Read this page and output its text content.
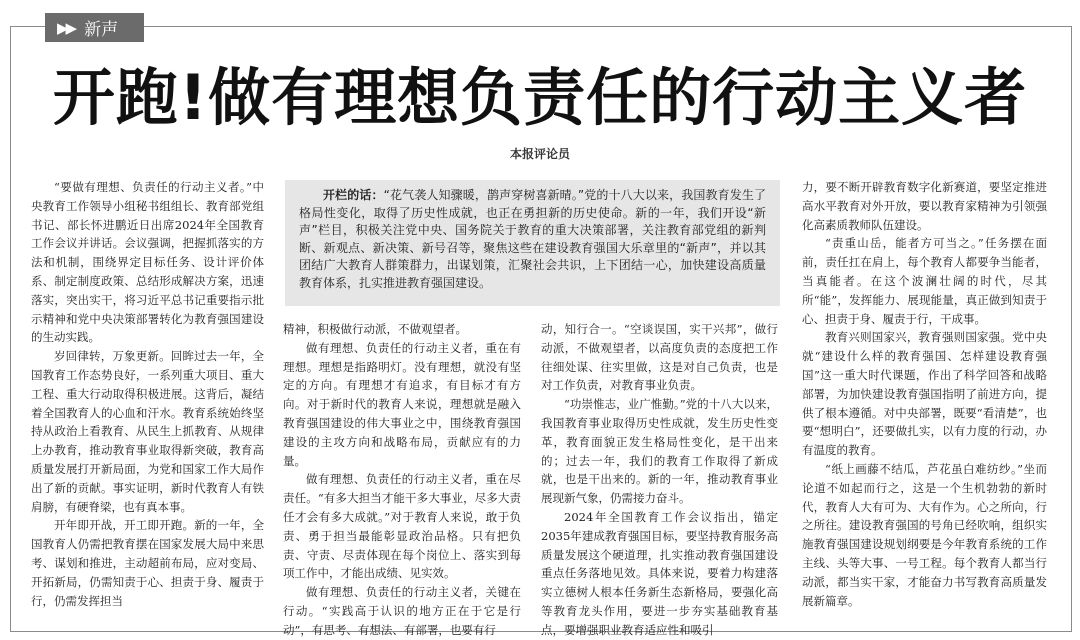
▶▶ 新声
开跑!做有理想负责任的行动主义者
本报评论员

开栏的话：“花气袭人知骤暖，鹊声穿树喜新晴。”党的十八大以来，我国教育发生了格局性变化，取得了历史性成就，也正在勇担新的历史使命。新的一年，我们开设“新声”栏目，积极关注党中央、国务院关于教育的重大决策部署，关注教育部党组的新判断、新观点、新决策、新号召等，聚焦这些在建设教育强国大乐章里的“新声”，并以其团结广大教育人群策群力，出谋划策，汇聚社会共识，上下团结一心，加快建设高质量教育体系，扎实推进教育强国建设。

“要做有理想、负责任的行动主义者。”中央教育工作领导小组秘书组组长、教育部党组书记、部长怀进鹏近日出席2024年全国教育工作会议并讲话。会议强调，把握抓落实的方法和机制，围绕界定目标任务、设计评价体系、制定制度政策、总结形成解决方案，迅速落实，突出实干，将习近平总书记重要指示批示精神和党中央决策部署转化为教育强国建设的生动实践。

岁回律转，万象更新。回眸过去一年，全国教育工作态势良好，一系列重大项目、重大工程、重大行动取得积极进展。这背后，凝结着全国教育人的心血和汗水。教育系统始终坚持从政治上看教育、从民生上抓教育、从规律上办教育，推动教育事业取得新突破，教育高质量发展打开新局面，为党和国家工作大局作出了新的贡献。事实证明，新时代教育人有铁肩膀，有硬脊梁，也有真本事。

开年即开战，开工即开跑。新的一年，全国教育人仍需把教育摆在国家发展大局中来思考、谋划和推进，主动超前布局，应对变局、开拓新局，仍需知责于心、担责于身、履责于行，仍需发挥担当

精神，积极做行动派，不做观望者。

做有理想、负责任的行动主义者，重在有理想。理想是指路明灯。没有理想，就没有坚定的方向。有理想才有追求，有目标才有方向。对于新时代的教育人来说，理想就是融入教育强国建设的伟大事业之中，围绕教育强国建设的主攻方向和战略布局，贡献应有的力量。

做有理想、负责任的行动主义者，重在尽责任。“有多大担当才能干多大事业，尽多大责任才会有多大成就。”对于教育人来说，敢于负责、勇于担当最能彰显政治品格。只有把负责、守责、尽责体现在每个岗位上、落实到每项工作中，才能出成绩、见实效。

做有理想、负责任的行动主义者，关键在行动。“实践高于认识的地方正在于它是行动”，有思考、有想法、有部署，也要有行

动，知行合一。“空谈误国，实干兴邦”，做行动派，不做观望者，以高度负责的态度把工作往细处谋、往实里做，这是对自己负责，也是对工作负责，对教育事业负责。

“功崇惟志，业广惟勤。”党的十八大以来，我国教育事业取得历史性成就，发生历史性变革，教育面貌正发生格局性变化，是干出来的；过去一年，我们的教育工作取得了新成就，也是干出来的。新的一年，推动教育事业展现新气象，仍需接力奋斗。

2024年全国教育工作会议指出，锚定2035年建成教育强国目标，要坚持教育服务高质量发展这个硬道理，扎实推动教育强国建设重点任务落地见效。具体来说，要着力构建落实立德树人根本任务新生态新格局，要强化高等教育龙头作用，要进一步夯实基础教育基点，要增强职业教育适应性和吸引

力，要不断开辟教育数字化新赛道，要坚定推进高水平教育对外开放，要以教育家精神为引领强化高素质教师队伍建设。

“责重山岳，能者方可当之。”任务摆在面前，责任扛在肩上，每个教育人都要争当能者，当真能者。在这个波澜壮阔的时代，尽其所“能”，发挥能力、展现能量，真正做到知责于心、担责于身、履责于行，干成事。

教育兴则国家兴，教育强则国家强。党中央就“建设什么样的教育强国、怎样建设教育强国”这一重大时代课题，作出了科学回答和战略部署，为加快建设教育强国指明了前进方向，提供了根本遵循。对中央部署，既要“看清楚”，也要“想明白”，还要做扎实，以有力度的行动，办有温度的教育。

“纸上画藤不结瓜，芦花虽白难纺纱。”坐而论道不如起而行之，这是一个生机勃勃的新时代，教育人大有可为、大有作为。心之所向，行之所往。建设教育强国的号角已经吹响，组织实施教育强国建设规划纲要是今年教育系统的工作主线、头等大事、一号工程。每个教育人都当行动派，都当实干家，才能奋力书写教育高质量发展新篇章。
